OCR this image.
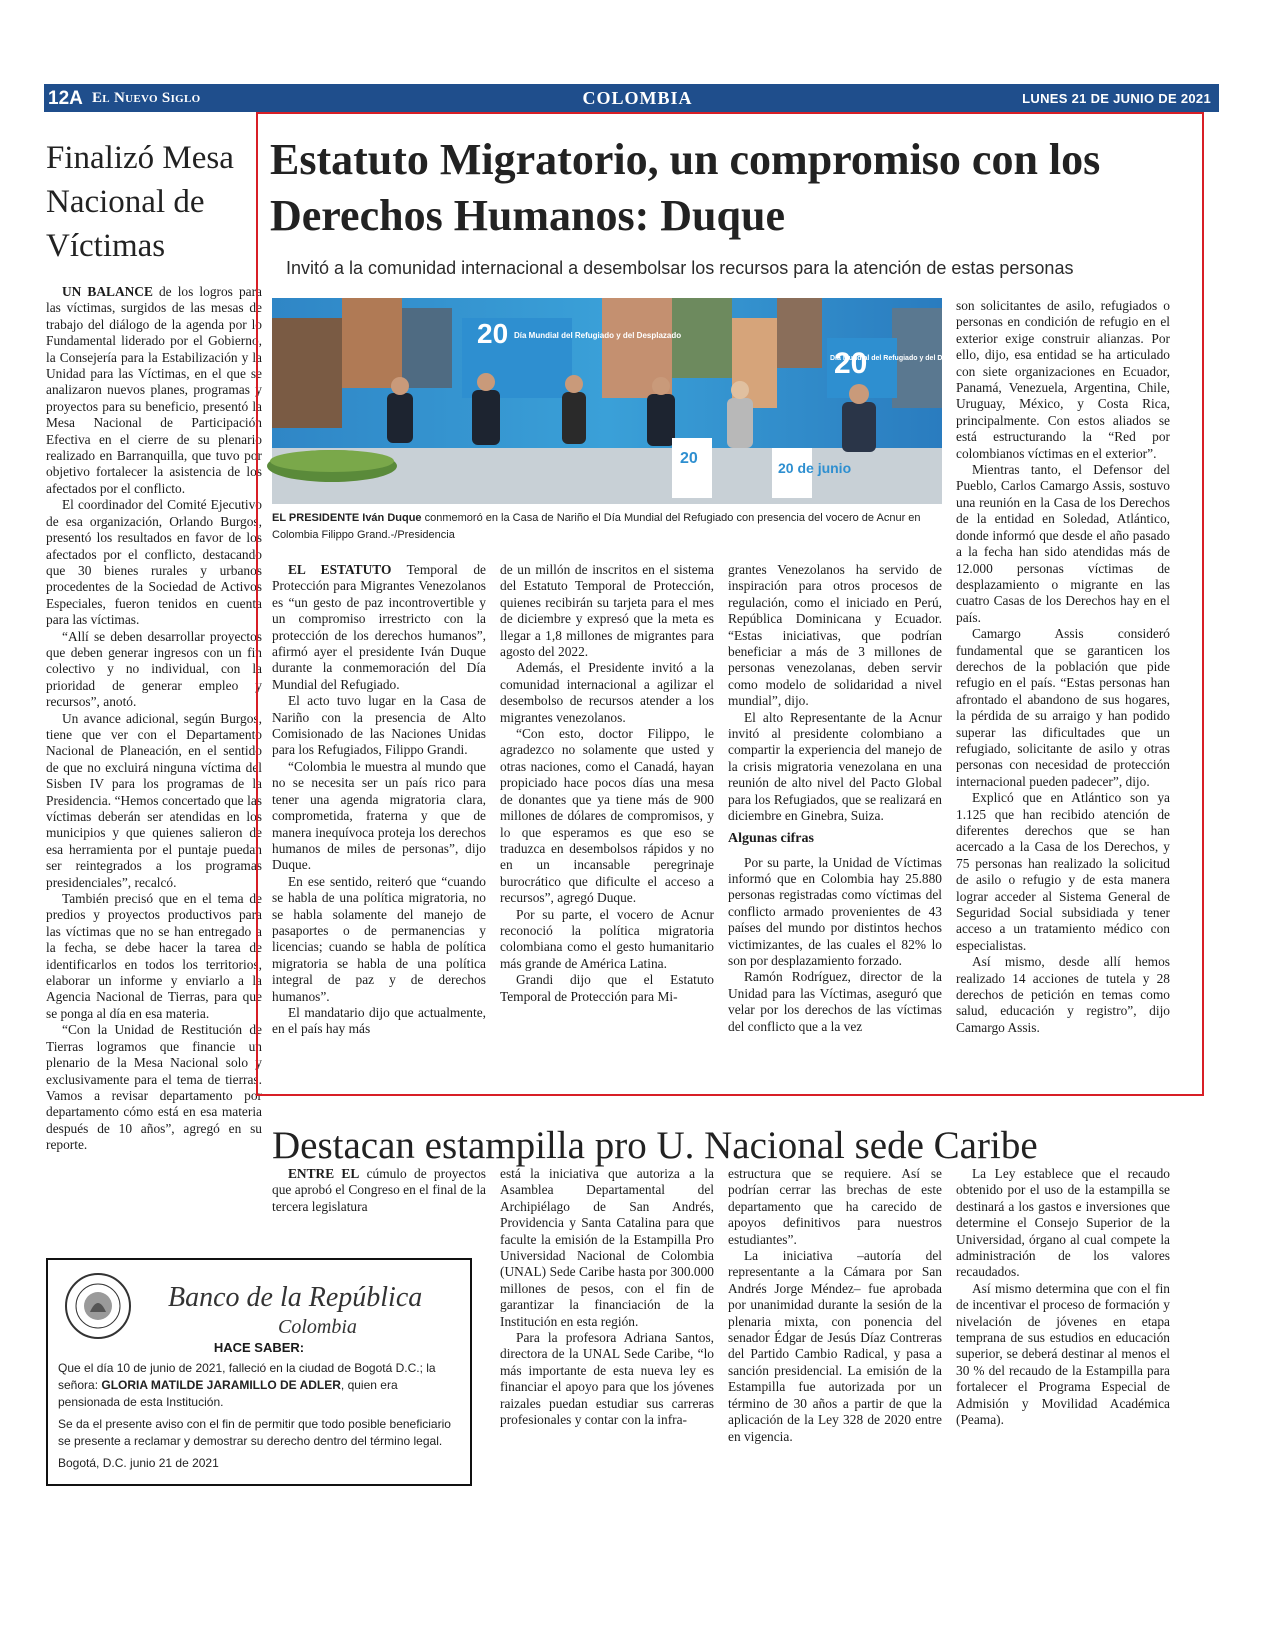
12A El Nuevo Siglo	COLOMBIA	LUNES 21 DE JUNIO DE 2021
Finalizó Mesa Nacional de Víctimas

UN BALANCE de los logros para las víctimas, surgidos de las mesas de trabajo del diálogo de la agenda por lo Fundamental liderado por el Gobierno, la Consejería para la Estabilización y la Unidad para las Víctimas, en el que se analizaron nuevos planes, programas y proyectos para su beneficio, presentó la Mesa Nacional de Participación Efectiva en el cierre de su plenario realizado en Barranquilla, que tuvo por objetivo fortalecer la asistencia de los afectados por el conflicto.

El coordinador del Comité Ejecutivo de esa organización, Orlando Burgos, presentó los resultados en favor de los afectados por el conflicto, destacando que 30 bienes rurales y urbanos procedentes de la Sociedad de Activos Especiales, fueron tenidos en cuenta para las víctimas.

“Allí se deben desarrollar proyectos que deben generar ingresos con un fin colectivo y no individual, con la prioridad de generar empleo y recursos”, anotó.

Un avance adicional, según Burgos, tiene que ver con el Departamento Nacional de Planeación, en el sentido de que no excluirá ninguna víctima del Sisben IV para los programas de la Presidencia. “Hemos concertado que las víctimas deberán ser atendidas en los municipios y que quienes salieron de esa herramienta por el puntaje puedan ser reintegrados a los programas presidenciales”, recalcó.

También precisó que en el tema de predios y proyectos productivos para las víctimas que no se han entregado a la fecha, se debe hacer la tarea de identificarlos en todos los territorios, elaborar un informe y enviarlo a la Agencia Nacional de Tierras, para que se ponga al día en esa materia.

“Con la Unidad de Restitución de Tierras logramos que financie un plenario de la Mesa Nacional solo y exclusivamente para el tema de tierras. Vamos a revisar departamento por departamento cómo está en esa materia después de 10 años”, agregó en su reporte.

Estatuto Migratorio, un compromiso con los Derechos Humanos: Duque
Invitó a la comunidad internacional a desembolsar los recursos para la atención de estas personas
20 Día Mundial del Refugiado y del Desplazado
20
20
20 de junio
Día Mundial del Refugiado y del Desplazado
EL PRESIDENTE Iván Duque conmemoró en la Casa de Nariño el Día Mundial del Refugiado con presencia del vocero de Acnur en Colombia Filippo Grand.-/Presidencia

EL ESTATUTO Temporal de Protección para Migrantes Venezolanos es “un gesto de paz incontrovertible y un compromiso irrestricto con la protección de los derechos humanos”, afirmó ayer el presidente Iván Duque durante la conmemoración del Día Mundial del Refugiado.

El acto tuvo lugar en la Casa de Nariño con la presencia de Alto Comisionado de las Naciones Unidas para los Refugiados, Filippo Grandi.

“Colombia le muestra al mundo que no se necesita ser un país rico para tener una agenda migratoria clara, comprometida, fraterna y que de manera inequívoca proteja los derechos humanos de miles de personas”, dijo Duque.

En ese sentido, reiteró que “cuando se habla de una política migratoria, no se habla solamente del manejo de pasaportes o de permanencias y licencias; cuando se habla de política migratoria se habla de una política integral de paz y de derechos humanos”.

El mandatario dijo que actualmente, en el país hay más

de un millón de inscritos en el sistema del Estatuto Temporal de Protección, quienes recibirán su tarjeta para el mes de diciembre y expresó que la meta es llegar a 1,8 millones de migrantes para agosto del 2022.

Además, el Presidente invitó a la comunidad internacional a agilizar el desembolso de recursos atender a los migrantes venezolanos.

“Con esto, doctor Filippo, le agradezco no solamente que usted y otras naciones, como el Canadá, hayan propiciado hace pocos días una mesa de donantes que ya tiene más de 900 millones de dólares de compromisos, y lo que esperamos es que eso se traduzca en desembolsos rápidos y no en un incansable peregrinaje burocrático que dificulte el acceso a recursos”, agregó Duque.

Por su parte, el vocero de Acnur reconoció la política migratoria colombiana como el gesto humanitario más grande de América Latina.

Grandi dijo que el Estatuto Temporal de Protección para Mi-

grantes Venezolanos ha servido de inspiración para otros procesos de regulación, como el iniciado en Perú, República Dominicana y Ecuador. “Estas iniciativas, que podrían beneficiar a más de 3 millones de personas venezolanas, deben servir como modelo de solidaridad a nivel mundial”, dijo.

El alto Representante de la Acnur invitó al presidente colombiano a compartir la experiencia del manejo de la crisis migratoria venezolana en una reunión de alto nivel del Pacto Global para los Refugiados, que se realizará en diciembre en Ginebra, Suiza.

Algunas cifras

Por su parte, la Unidad de Víctimas informó que en Colombia hay 25.880 personas registradas como víctimas del conflicto armado provenientes de 43 países del mundo por distintos hechos victimizantes, de las cuales el 82% lo son por desplazamiento forzado.

Ramón Rodríguez, director de la Unidad para las Víctimas, aseguró que velar por los derechos de las víctimas del conflicto que a la vez

son solicitantes de asilo, refugiados o personas en condición de refugio en el exterior exige construir alianzas. Por ello, dijo, esa entidad se ha articulado con siete organizaciones en Ecuador, Panamá, Venezuela, Argentina, Chile, Uruguay, México, y Costa Rica, principalmente. Con estos aliados se está estructurando la “Red por colombianos víctimas en el exterior”.

Mientras tanto, el Defensor del Pueblo, Carlos Camargo Assis, sostuvo una reunión en la Casa de los Derechos de la entidad en Soledad, Atlántico, donde informó que desde el año pasado a la fecha han sido atendidas más de 12.000 personas víctimas de desplazamiento o migrante en las cuatro Casas de los Derechos hay en el país.

Camargo Assis consideró fundamental que se garanticen los derechos de la población que pide refugio en el país. “Estas personas han afrontado el abandono de sus hogares, la pérdida de su arraigo y han podido superar las dificultades que un refugiado, solicitante de asilo y otras personas con necesidad de protección internacional pueden padecer”, dijo.

Explicó que en Atlántico son ya 1.125 que han recibido atención de diferentes derechos que se han acercado a la Casa de los Derechos, y 75 personas han realizado la solicitud de asilo o refugio y de esta manera lograr acceder al Sistema General de Seguridad Social subsidiada y tener acceso a un tratamiento médico con especialistas.

Así mismo, desde allí hemos realizado 14 acciones de tutela y 28 derechos de petición en temas como salud, educación y registro”, dijo Camargo Assis.

Destacan estampilla pro U. Nacional sede Caribe

ENTRE EL cúmulo de proyectos que aprobó el Congreso en el final de la tercera legislatura

está la iniciativa que autoriza a la Asamblea Departamental del Archipiélago de San Andrés, Providencia y Santa Catalina para que faculte la emisión de la Estampilla Pro Universidad Nacional de Colombia (UNAL) Sede Caribe hasta por 300.000 millones de pesos, con el fin de garantizar la financiación de la Institución en esta región.

Para la profesora Adriana Santos, directora de la UNAL Sede Caribe, “lo más importante de esta nueva ley es financiar el apoyo para que los jóvenes raizales puedan estudiar sus carreras profesionales y contar con la infra-

estructura que se requiere. Así se podrían cerrar las brechas de este departamento que ha carecido de apoyos definitivos para nuestros estudiantes”.

La iniciativa –autoría del representante a la Cámara por San Andrés Jorge Méndez– fue aprobada por unanimidad durante la sesión de la plenaria mixta, con ponencia del senador Édgar de Jesús Díaz Contreras del Partido Cambio Radical, y pasa a sanción presidencial. La emisión de la Estampilla fue autorizada por un término de 30 años a partir de que la aplicación de la Ley 328 de 2020 entre en vigencia.

La Ley establece que el recaudo obtenido por el uso de la estampilla se destinará a los gastos e inversiones que determine el Consejo Superior de la Universidad, órgano al cual compete la administración de los valores recaudados.

Así mismo determina que con el fin de incentivar el proceso de formación y nivelación de jóvenes en etapa temprana de sus estudios en educación superior, se deberá destinar al menos el 30 % del recaudo de la Estampilla para fortalecer el Programa Especial de Admisión y Movilidad Académica (Peama).

Banco de la República
Colombia
HACE SABER:

Que el día 10 de junio de 2021, falleció en la ciudad de Bogotá D.C.; la señora: GLORIA MATILDE JARAMILLO DE ADLER, quien era pensionada de esta Institución.

Se da el presente aviso con el fin de permitir que todo posible beneficiario se presente a reclamar y demostrar su derecho dentro del término legal.

Bogotá, D.C. junio 21 de 2021
